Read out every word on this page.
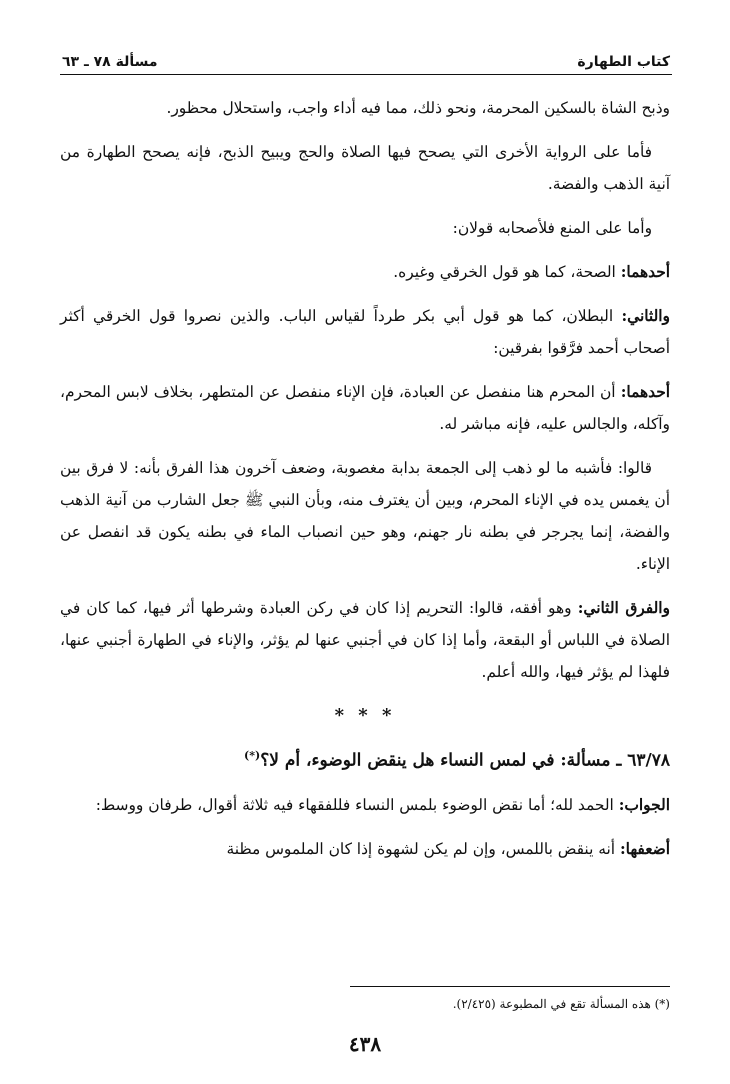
مسألة ٧٨ ـ ٦٣	كتاب الطهارة

وذبح الشاة بالسكين المحرمة، ونحو ذلك، مما فيه أداء واجب، واستحلال محظور.

فأما على الرواية الأخرى التي يصحح فيها الصلاة والحج ويبيح الذبح، فإنه يصحح الطهارة من آنية الذهب والفضة.

وأما على المنع فلأصحابه قولان:

أحدهما: الصحة، كما هو قول الخرقي وغيره.

والثاني: البطلان، كما هو قول أبي بكر طرداً لقياس الباب. والذين نصروا قول الخرقي أكثر أصحاب أحمد فرَّقوا بفرقين:

أحدهما: أن المحرم هنا منفصل عن العبادة، فإن الإناء منفصل عن المتطهر، بخلاف لابس المحرم، وآكله، والجالس عليه، فإنه مباشر له.

قالوا: فأشبه ما لو ذهب إلى الجمعة بدابة مغصوبة، وضعف آخرون هذا الفرق بأنه: لا فرق بين أن يغمس يده في الإناء المحرم، وبين أن يغترف منه، وبأن النبي ﷺ جعل الشارب من آنية الذهب والفضة، إنما يجرجر في بطنه نار جهنم، وهو حين انصباب الماء في بطنه يكون قد انفصل عن الإناء.

والفرق الثاني: وهو أفقه، قالوا: التحريم إذا كان في ركن العبادة وشرطها أثر فيها، كما كان في الصلاة في اللباس أو البقعة، وأما إذا كان في أجنبي عنها لم يؤثر، والإناء في الطهارة أجنبي عنها، فلهذا لم يؤثر فيها، والله أعلم.

* * *

٦٣/٧٨ ـ مسألة: في لمس النساء هل ينقض الوضوء، أم لا؟(*)

الجواب: الحمد لله؛ أما نقض الوضوء بلمس النساء فللفقهاء فيه ثلاثة أقوال، طرفان ووسط:

أضعفها: أنه ينقض باللمس، وإن لم يكن لشهوة إذا كان الملموس مظنة

(*) هذه المسألة تقع في المطبوعة (٢/٤٢٥).
٤٣٨
